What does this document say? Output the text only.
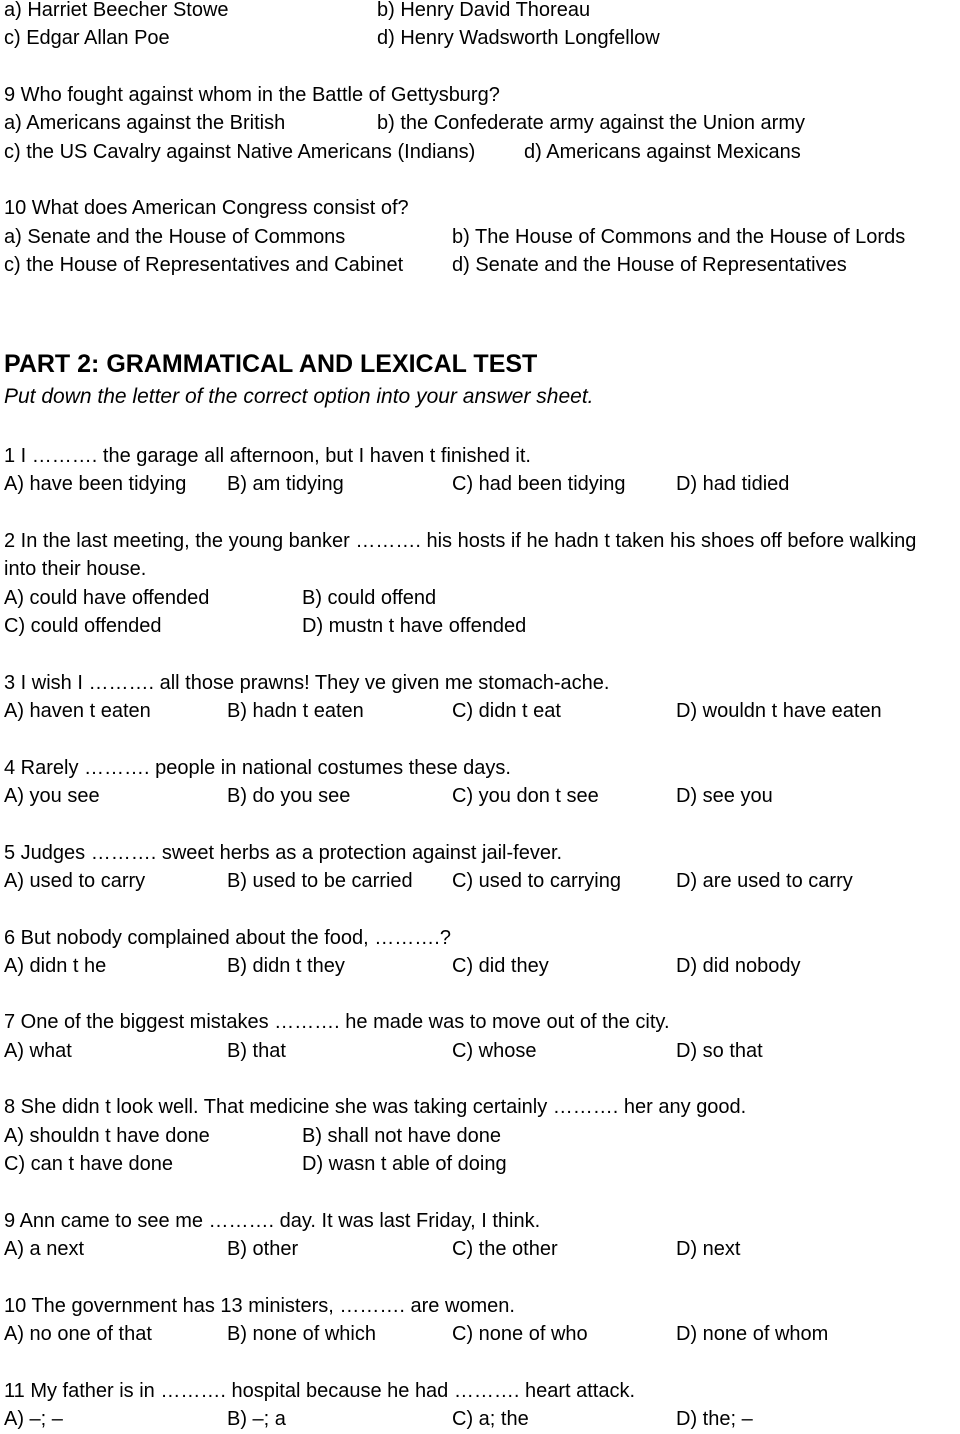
a) Harriet Beecher Stowe	b) Henry David Thoreau
c) Edgar Allan Poe	d) Henry Wadsworth Longfellow
9 Who fought against whom in the Battle of Gettysburg?
a) Americans against the British	b) the Confederate army against the Union army
c) the US Cavalry against Native Americans (Indians) d) Americans against Mexicans
10 What does American Congress consist of?
a) Senate and the House of Commons	b) The House of Commons and the House of Lords
c) the House of Representatives and Cabinet d) Senate and the House of Representatives
PART 2: GRAMMATICAL AND LEXICAL TEST
Put down the letter of the correct option into your answer sheet.
1 I ………. the garage all afternoon, but I haven t finished it.
A) have been tidying B) am tidying	C) had been tidying	D) had tidied
2 In the last meeting, the young banker ………. his hosts if he hadn t taken his shoes off before walking
into their house.
A) could have offended	B) could offend
C) could offended	D) mustn t have offended
3 I wish I ………. all those prawns! They ve given me stomach-ache.
A) haven t eaten	B) hadn t eaten	C) didn t eat	D) wouldn t have eaten
4 Rarely ………. people in national costumes these days.
A) you see	B) do you see	C) you don t see	D) see you
5 Judges ………. sweet herbs as a protection against jail-fever.
A) used to carry	B) used to be carried C) used to carrying	D) are used to carry
6 But nobody complained about the food, ……….?
A) didn t he	B) didn t they	C) did they	D) did nobody
7 One of the biggest mistakes ………. he made was to move out of the city.
A) what	B) that	C) whose	D) so that
8 She didn t look well. That medicine she was taking certainly ………. her any good.
A) shouldn t have done	B) shall not have done
C) can t have done	D) wasn t able of doing
9 Ann came to see me ………. day. It was last Friday, I think.
A) a next	B) other	C) the other	D) next
10 The government has 13 ministers, ………. are women.
A) no one of that	B) none of which	C) none of who	D) none of whom
11 My father is in ………. hospital because he had ………. heart attack.
A) –; –	B) –; a	C) a; the	D) the; –
